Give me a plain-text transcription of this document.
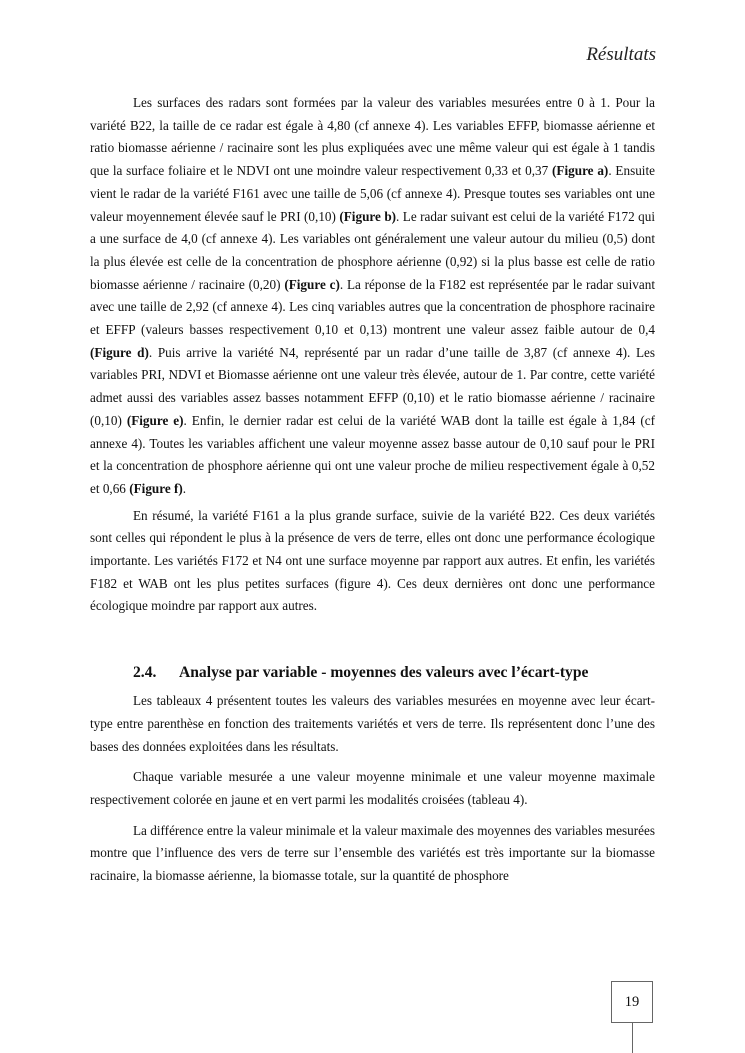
Résultats

Les surfaces des radars sont formées par la valeur des variables mesurées entre 0 à 1. Pour la variété B22, la taille de ce radar est égale à 4,80 (cf annexe 4). Les variables EFFP, biomasse aérienne et ratio biomasse aérienne / racinaire sont les plus expliquées avec une même valeur qui est égale à 1 tandis que la surface foliaire et le NDVI ont une moindre valeur respectivement 0,33 et 0,37 (Figure a). Ensuite vient le radar de la variété F161 avec une taille de 5,06 (cf annexe 4). Presque toutes ses variables ont une valeur moyennement élevée sauf le PRI (0,10) (Figure b). Le radar suivant est celui de la variété F172 qui a une surface de 4,0 (cf annexe 4). Les variables ont généralement une valeur autour du milieu (0,5) dont la plus élevée est celle de la concentration de phosphore aérienne (0,92) si la plus basse est celle de ratio biomasse aérienne / racinaire (0,20) (Figure c). La réponse de la F182 est représentée par le radar suivant avec une taille de 2,92 (cf annexe 4). Les cinq variables autres que la concentration de phosphore racinaire et EFFP (valeurs basses respectivement 0,10 et 0,13) montrent une valeur assez faible autour de 0,4 (Figure d). Puis arrive la variété N4, représenté par un radar d’une taille de 3,87 (cf annexe 4). Les variables PRI, NDVI et Biomasse aérienne ont une valeur très élevée, autour de 1. Par contre, cette variété admet aussi des variables assez basses notamment EFFP (0,10) et le ratio biomasse aérienne / racinaire (0,10) (Figure e). Enfin, le dernier radar est celui de la variété WAB dont la taille est égale à 1,84 (cf annexe 4). Toutes les variables affichent une valeur moyenne assez basse autour de 0,10 sauf pour le PRI et la concentration de phosphore aérienne qui ont une valeur proche de milieu respectivement égale à 0,52 et 0,66 (Figure f).

En résumé, la variété F161 a la plus grande surface, suivie de la variété B22. Ces deux variétés sont celles qui répondent le plus à la présence de vers de terre, elles ont donc une performance écologique importante. Les variétés F172 et N4 ont une surface moyenne par rapport aux autres. Et enfin, les variétés F182 et WAB ont les plus petites surfaces (figure 4). Ces deux dernières ont donc une performance écologique moindre par rapport aux autres.

2.4. Analyse par variable - moyennes des valeurs avec l’écart-type

Les tableaux 4 présentent toutes les valeurs des variables mesurées en moyenne avec leur écart-type entre parenthèse en fonction des traitements variétés et vers de terre. Ils représentent donc l’une des bases des données exploitées dans les résultats.

Chaque variable mesurée a une valeur moyenne minimale et une valeur moyenne maximale respectivement colorée en jaune et en vert parmi les modalités croisées (tableau 4).

La différence entre la valeur minimale et la valeur maximale des moyennes des variables mesurées montre que l’influence des vers de terre sur l’ensemble des variétés est très importante sur la biomasse racinaire, la biomasse aérienne, la biomasse totale, sur la quantité de phosphore

19
